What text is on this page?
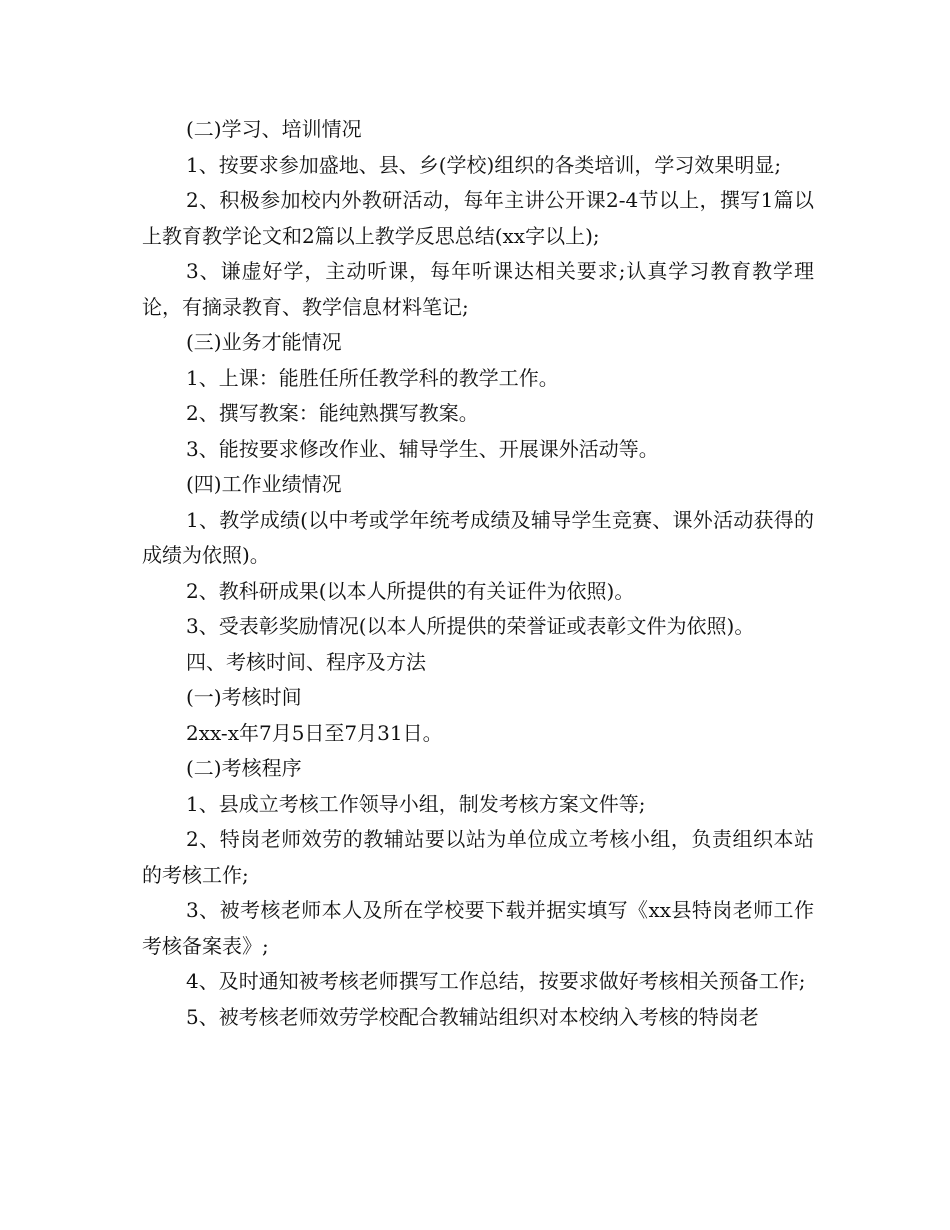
(二)学习、培训情况

1、按要求参加盛地、县、乡(学校)组织的各类培训，学习效果明显;

2、积极参加校内外教研活动，每年主讲公开课2-4节以上，撰写1篇以上教育教学论文和2篇以上教学反思总结(xx字以上);

3、谦虚好学，主动听课，每年听课达相关要求;认真学习教育教学理论，有摘录教育、教学信息材料笔记;

(三)业务才能情况

1、上课：能胜任所任教学科的教学工作。

2、撰写教案：能纯熟撰写教案。

3、能按要求修改作业、辅导学生、开展课外活动等。

(四)工作业绩情况

1、教学成绩(以中考或学年统考成绩及辅导学生竞赛、课外活动获得的成绩为依照)。

2、教科研成果(以本人所提供的有关证件为依照)。

3、受表彰奖励情况(以本人所提供的荣誉证或表彰文件为依照)。

四、考核时间、程序及方法

(一)考核时间

2xx-x年7月5日至7月31日。

(二)考核程序

1、县成立考核工作领导小组，制发考核方案文件等;

2、特岗老师效劳的教辅站要以站为单位成立考核小组，负责组织本站的考核工作;

3、被考核老师本人及所在学校要下载并据实填写《xx县特岗老师工作考核备案表》;

4、及时通知被考核老师撰写工作总结，按要求做好考核相关预备工作;

5、被考核老师效劳学校配合教辅站组织对本校纳入考核的特岗老
